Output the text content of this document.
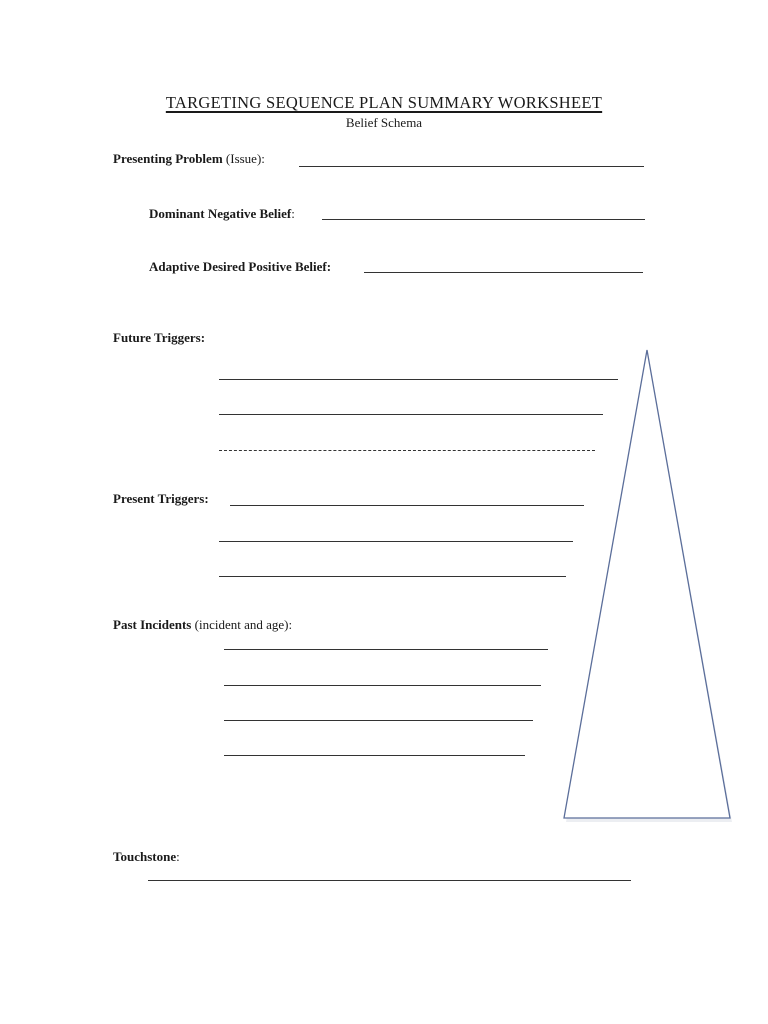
TARGETING SEQUENCE PLAN SUMMARY WORKSHEET
Belief Schema
Presenting Problem (Issue):
Dominant Negative Belief:
Adaptive Desired Positive Belief:
Future Triggers:
Present Triggers:
Past Incidents (incident and age):
Touchstone:
